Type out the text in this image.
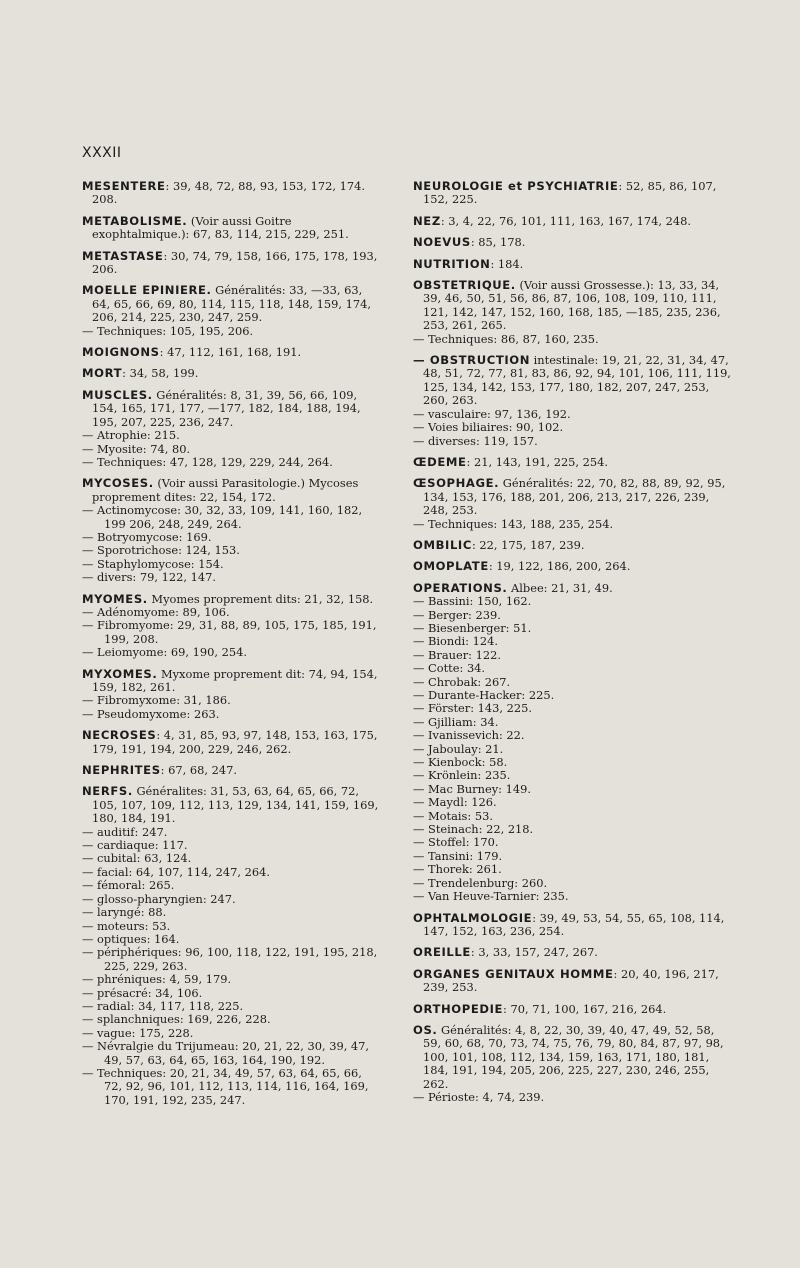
XXXII
MESENTERE: 39, 48, 72, 88, 93, 153, 172, 174. 208.
METABOLISME. (Voir aussi Goitre exophtalmique.): 67, 83, 114, 215, 229, 251.
METASTASE: 30, 74, 79, 158, 166, 175, 178, 193, 206.
MOELLE EPINIERE. Généralités: 33, —33, 63, 64, 65, 66, 69, 80, 114, 115, 118, 148, 159, 174, 206, 214, 225, 230, 247, 259.
— Techniques: 105, 195, 206.
MOIGNONS: 47, 112, 161, 168, 191.
MORT: 34, 58, 199.
MUSCLES. Généralités: 8, 31, 39, 56, 66, 109, 154, 165, 171, 177, —177, 182, 184, 188, 194, 195, 207, 225, 236, 247.
— Atrophie: 215.
— Myosite: 74, 80.
— Techniques: 47, 128, 129, 229, 244, 264.
MYCOSES. (Voir aussi Parasitologie.) Mycoses proprement dites: 22, 154, 172.
— Actinomycose: 30, 32, 33, 109, 141, 160, 182, 199 206, 248, 249, 264.
— Botryomycose: 169.
— Sporotrichose: 124, 153.
— Staphylomycose: 154.
— divers: 79, 122, 147.
MYOMES. Myomes proprement dits: 21, 32, 158.
— Adénomyome: 89, 106.
— Fibromyome: 29, 31, 88, 89, 105, 175, 185, 191, 199, 208.
— Leiomyome: 69, 190, 254.
MYXOMES. Myxome proprement dit: 74, 94, 154, 159, 182, 261.
— Fibromyxome: 31, 186.
— Pseudomyxome: 263.
NECROSES: 4, 31, 85, 93, 97, 148, 153, 163, 175, 179, 191, 194, 200, 229, 246, 262.
NEPHRITES: 67, 68, 247.
NERFS. Généralites: 31, 53, 63, 64, 65, 66, 72, 105, 107, 109, 112, 113, 129, 134, 141, 159, 169, 180, 184, 191.
— auditif: 247.
— cardiaque: 117.
— cubital: 63, 124.
— facial: 64, 107, 114, 247, 264.
— fémoral: 265.
— glosso-pharyngien: 247.
— laryngé: 88.
— moteurs: 53.
— optiques: 164.
— périphériques: 96, 100, 118, 122, 191, 195, 218, 225, 229, 263.
— phréniques: 4, 59, 179.
— présacré: 34, 106.
— radial: 34, 117, 118, 225.
— splanchniques: 169, 226, 228.
— vague: 175, 228.
— Névralgie du Trijumeau: 20, 21, 22, 30, 39, 47, 49, 57, 63, 64, 65, 163, 164, 190, 192.
— Techniques: 20, 21, 34, 49, 57, 63, 64, 65, 66, 72, 92, 96, 101, 112, 113, 114, 116, 164, 169, 170, 191, 192, 235, 247.
NEUROLOGIE et PSYCHIATRIE: 52, 85, 86, 107, 152, 225.
NEZ: 3, 4, 22, 76, 101, 111, 163, 167, 174, 248.
NOEVUS: 85, 178.
NUTRITION: 184.
OBSTETRIQUE. (Voir aussi Grossesse.): 13, 33, 34, 39, 46, 50, 51, 56, 86, 87, 106, 108, 109, 110, 111, 121, 142, 147, 152, 160, 168, 185, —185, 235, 236, 253, 261, 265.
— Techniques: 86, 87, 160, 235.
— OBSTRUCTION intestinale: 19, 21, 22, 31, 34, 47, 48, 51, 72, 77, 81, 83, 86, 92, 94, 101, 106, 111, 119, 125, 134, 142, 153, 177, 180, 182, 207, 247, 253, 260, 263.
— vasculaire: 97, 136, 192.
— Voies biliaires: 90, 102.
— diverses: 119, 157.
ŒDEME: 21, 143, 191, 225, 254.
ŒSOPHAGE. Généralités: 22, 70, 82, 88, 89, 92, 95, 134, 153, 176, 188, 201, 206, 213, 217, 226, 239, 248, 253.
— Techniques: 143, 188, 235, 254.
OMBILIC: 22, 175, 187, 239.
OMOPLATE: 19, 122, 186, 200, 264.
OPERATIONS. Albee: 21, 31, 49.
— Bassini: 150, 162.
— Berger: 239.
— Biesenberger: 51.
— Biondi: 124.
— Brauer: 122.
— Cotte: 34.
— Chrobak: 267.
— Durante-Hacker: 225.
— Förster: 143, 225.
— Gjilliam: 34.
— Ivanissevich: 22.
— Jaboulay: 21.
— Kienbock: 58.
— Krönlein: 235.
— Mac Burney: 149.
— Maydl: 126.
— Motais: 53.
— Steinach: 22, 218.
— Stoffel: 170.
— Tansini: 179.
— Thorek: 261.
— Trendelenburg: 260.
— Van Heuve-Tarnier: 235.
OPHTALMOLOGIE: 39, 49, 53, 54, 55, 65, 108, 114, 147, 152, 163, 236, 254.
OREILLE: 3, 33, 157, 247, 267.
ORGANES GENITAUX HOMME: 20, 40, 196, 217, 239, 253.
ORTHOPEDIE: 70, 71, 100, 167, 216, 264.
OS. Généralités: 4, 8, 22, 30, 39, 40, 47, 49, 52, 58, 59, 60, 68, 70, 73, 74, 75, 76, 79, 80, 84, 87, 97, 98, 100, 101, 108, 112, 134, 159, 163, 171, 180, 181, 184, 191, 194, 205, 206, 225, 227, 230, 246, 255, 262.
— Périoste: 4, 74, 239.
